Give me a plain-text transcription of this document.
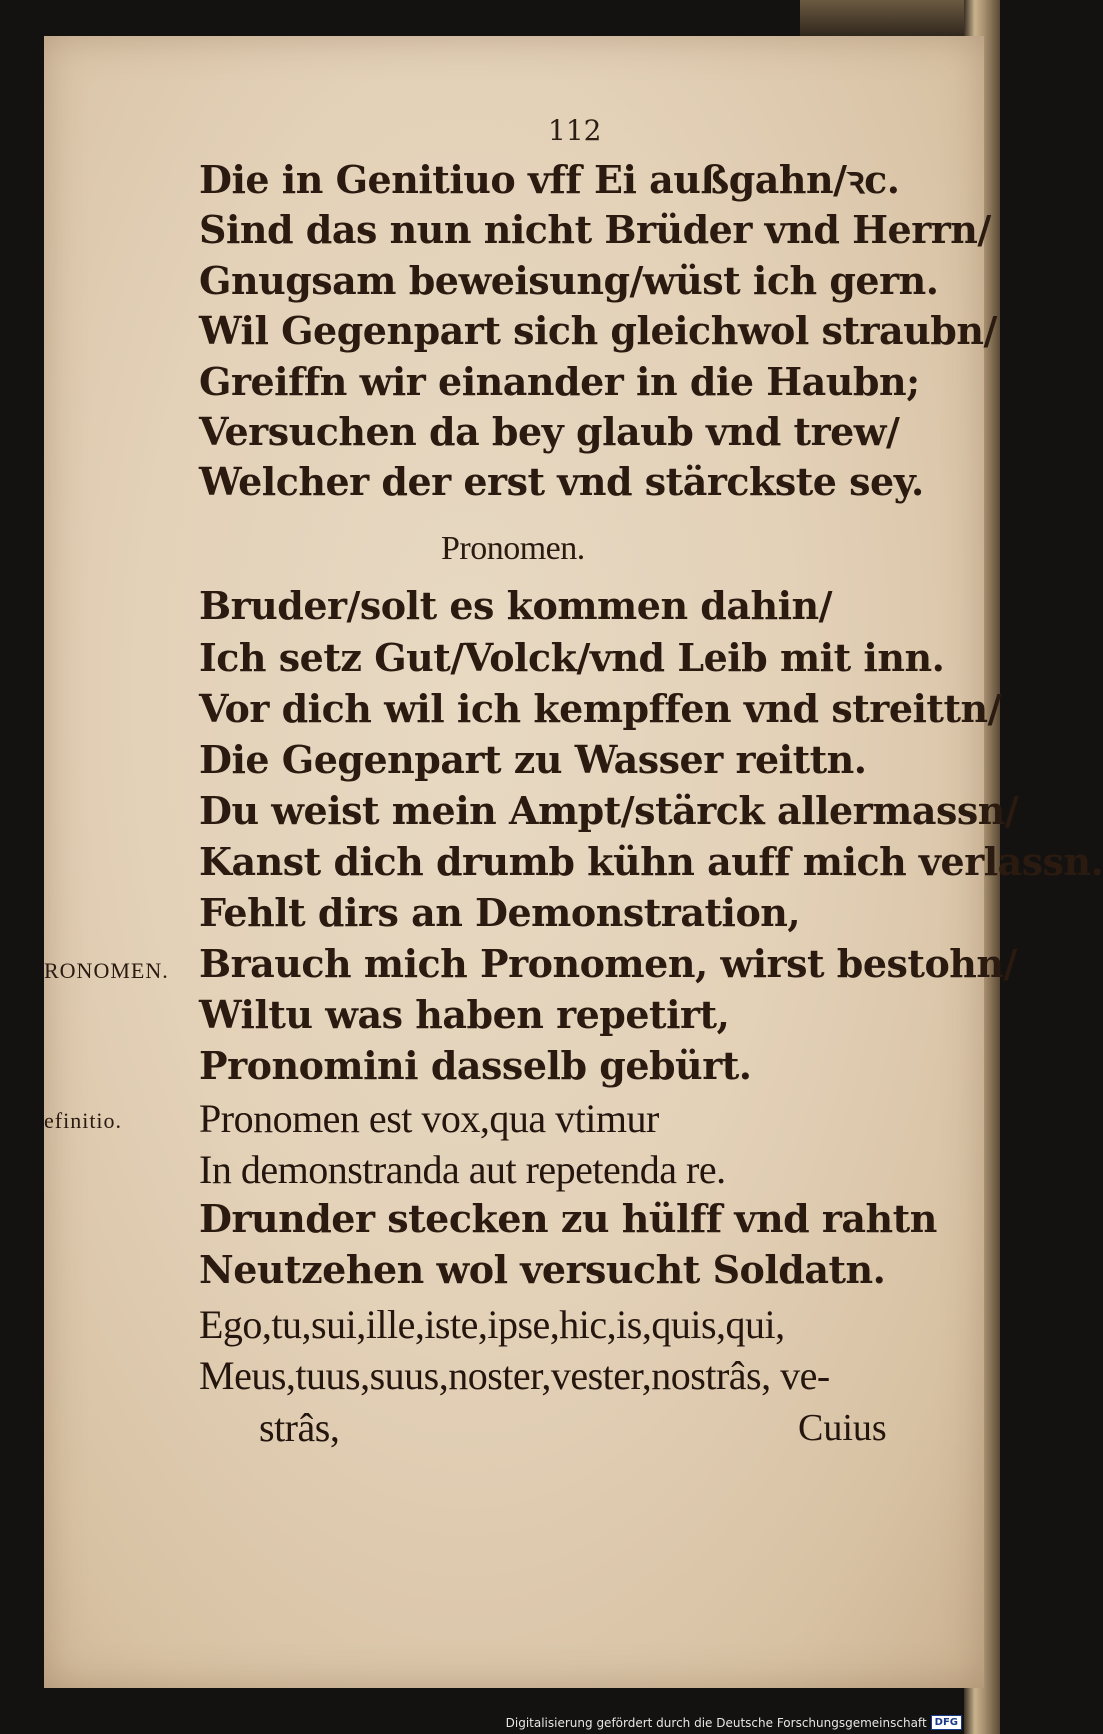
112
Die in Genitiuo vff Ei außgahn/ꝛc.
Sind das nun nicht Brüder vnd Herrn/
Gnugsam beweisung/wüst ich gern.
Wil Gegenpart sich gleichwol straubn/
Greiffn wir einander in die Haubn;
Versuchen da bey glaub vnd trew/
Welcher der erst vnd stärckste sey.
Pronomen.
Bruder/solt es kommen dahin/
Ich setz Gut/Volck/vnd Leib mit inn.
Vor dich wil ich kempffen vnd streittn/
Die Gegenpart zu Wasser reittn.
Du weist mein Ampt/stärck allermassn/
Kanst dich drumb kühn auff mich verlassn.
Fehlt dirs an Demonstration,
Brauch mich Pronomen, wirst bestohn/
Wiltu was haben repetirt,
Pronomini dasselb gebürt.
Pronomen est vox,qua vtimur
In demonstranda aut repetenda re.
Drunder stecken zu hülff vnd rahtn
Neutzehen wol versucht Soldatn.
Ego,tu,sui,ille,iste,ipse,hic,is,quis,qui,
Meus,tuus,suus,noster,vester,nostrâs, ve-
strâs,	Cuius
RONOMEN.
efinitio.
Digitalisierung gefördert durch die Deutsche Forschungsgemeinschaft DFG
